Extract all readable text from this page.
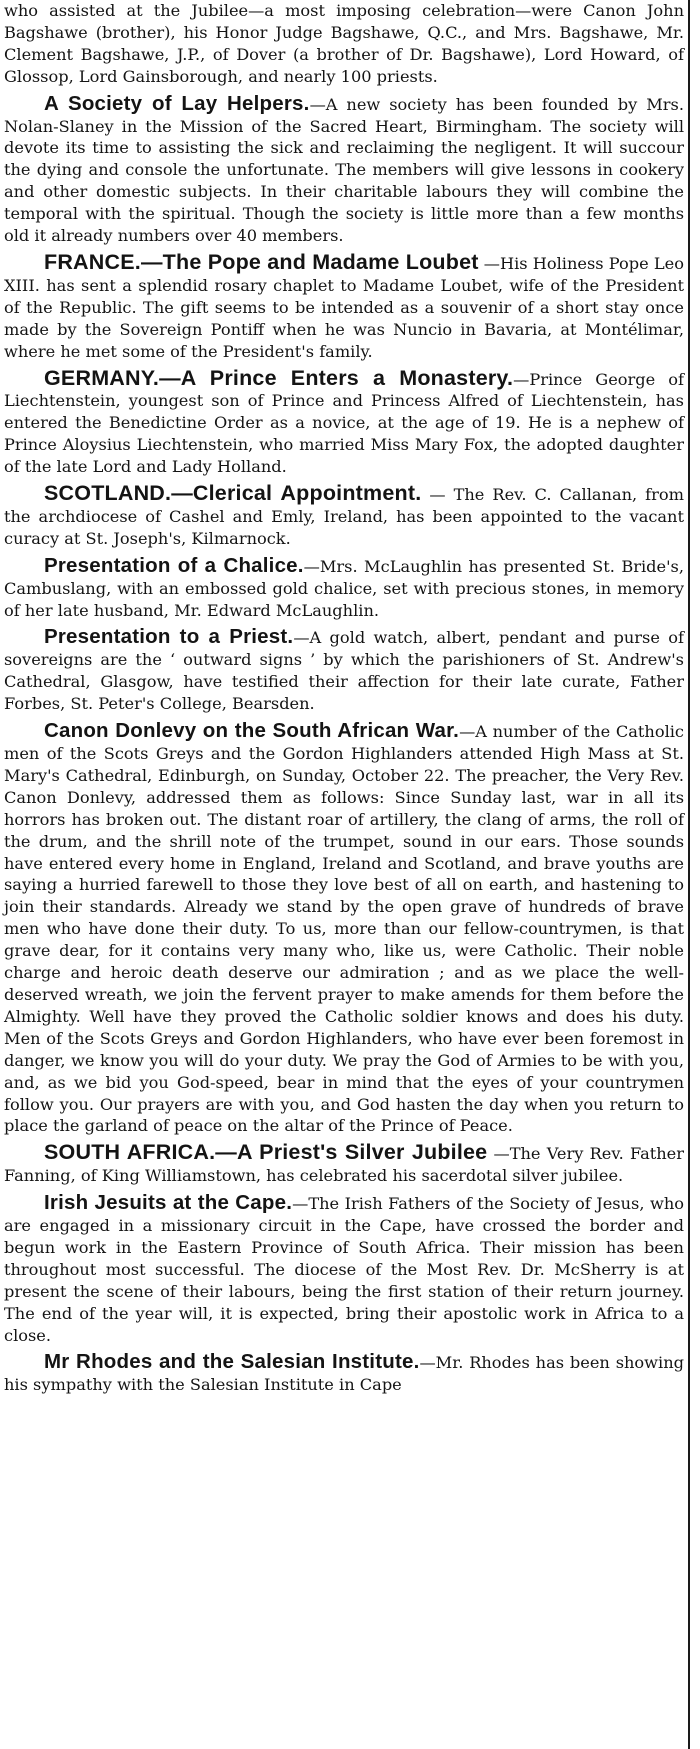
who assisted at the Jubilee—a most imposing celebration—were Canon John Bagshawe (brother), his Honor Judge Bagshawe, Q.C., and Mrs. Bagshawe, Mr. Clement Bagshawe, J.P., of Dover (a brother of Dr. Bagshawe), Lord Howard, of Glossop, Lord Gainsborough, and nearly 100 priests.

A Society of Lay Helpers.—A new society has been founded by Mrs. Nolan-Slaney in the Mission of the Sacred Heart, Birmingham. The society will devote its time to assisting the sick and reclaiming the negligent. It will succour the dying and console the unfortunate. The members will give lessons in cookery and other domestic subjects. In their charitable labours they will combine the temporal with the spiritual. Though the society is little more than a few months old it already numbers over 40 members.

FRANCE.—The Pope and Madame Loubet —His Holiness Pope Leo XIII. has sent a splendid rosary chaplet to Madame Loubet, wife of the President of the Republic. The gift seems to be intended as a souvenir of a short stay once made by the Sovereign Pontiff when he was Nuncio in Bavaria, at Montélimar, where he met some of the President's family.

GERMANY.—A Prince Enters a Monastery.—Prince George of Liechtenstein, youngest son of Prince and Princess Alfred of Liechtenstein, has entered the Benedictine Order as a novice, at the age of 19. He is a nephew of Prince Aloysius Liechtenstein, who married Miss Mary Fox, the adopted daughter of the late Lord and Lady Holland.

SCOTLAND.—Clerical Appointment. — The Rev. C. Callanan, from the archdiocese of Cashel and Emly, Ireland, has been appointed to the vacant curacy at St. Joseph's, Kilmarnock.

Presentation of a Chalice.—Mrs. McLaughlin has presented St. Bride's, Cambuslang, with an embossed gold chalice, set with precious stones, in memory of her late husband, Mr. Edward McLaughlin.

Presentation to a Priest.—A gold watch, albert, pendant and purse of sovereigns are the ‘ outward signs ’ by which the parishioners of St. Andrew's Cathedral, Glasgow, have testified their affection for their late curate, Father Forbes, St. Peter's College, Bearsden.

Canon Donlevy on the South African War.—A number of the Catholic men of the Scots Greys and the Gordon Highlanders attended High Mass at St. Mary's Cathedral, Edinburgh, on Sunday, October 22. The preacher, the Very Rev. Canon Donlevy, addressed them as follows: Since Sunday last, war in all its horrors has broken out. The distant roar of artillery, the clang of arms, the roll of the drum, and the shrill note of the trumpet, sound in our ears. Those sounds have entered every home in England, Ireland and Scotland, and brave youths are saying a hurried farewell to those they love best of all on earth, and hastening to join their standards. Already we stand by the open grave of hundreds of brave men who have done their duty. To us, more than our fellow-countrymen, is that grave dear, for it contains very many who, like us, were Catholic. Their noble charge and heroic death deserve our admiration ; and as we place the well-deserved wreath, we join the fervent prayer to make amends for them before the Almighty. Well have they proved the Catholic soldier knows and does his duty. Men of the Scots Greys and Gordon Highlanders, who have ever been foremost in danger, we know you will do your duty. We pray the God of Armies to be with you, and, as we bid you God-speed, bear in mind that the eyes of your countrymen follow you. Our prayers are with you, and God hasten the day when you return to place the garland of peace on the altar of the Prince of Peace.

SOUTH AFRICA.—A Priest's Silver Jubilee —The Very Rev. Father Fanning, of King Williamstown, has celebrated his sacerdotal silver jubilee.

Irish Jesuits at the Cape.—The Irish Fathers of the Society of Jesus, who are engaged in a missionary circuit in the Cape, have crossed the border and begun work in the Eastern Province of South Africa. Their mission has been throughout most successful. The diocese of the Most Rev. Dr. McSherry is at present the scene of their labours, being the first station of their return journey. The end of the year will, it is expected, bring their apostolic work in Africa to a close.

Mr Rhodes and the Salesian Institute.—Mr. Rhodes has been showing his sympathy with the Salesian Institute in Cape
